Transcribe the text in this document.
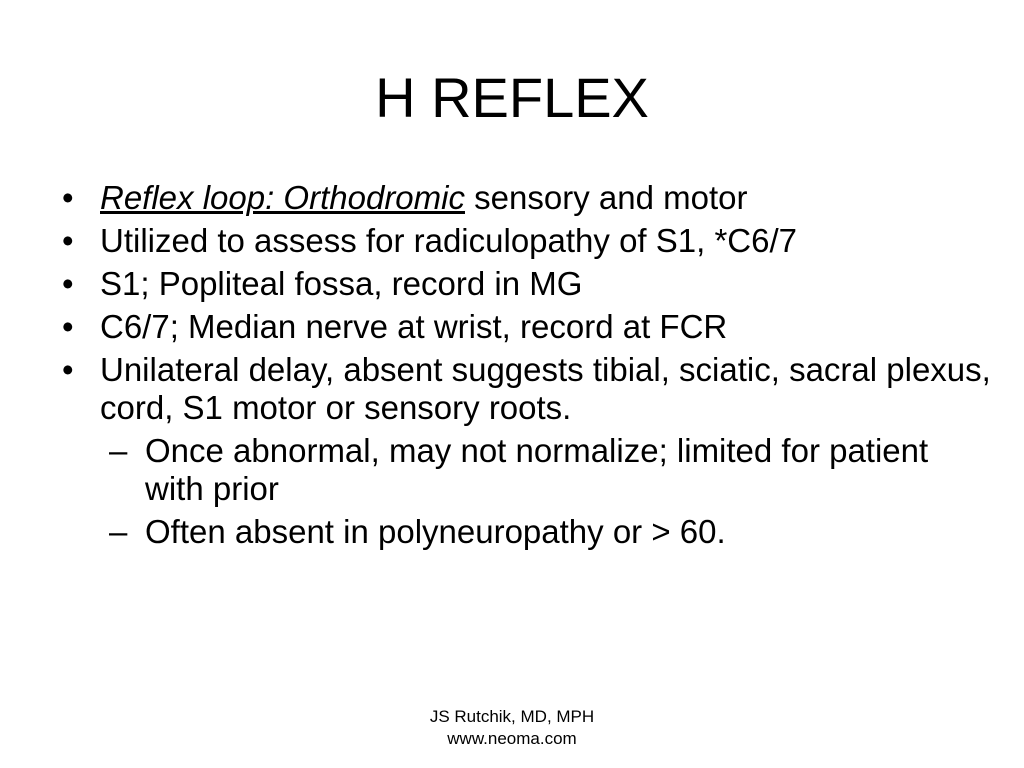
H REFLEX
• Reflex loop: Orthodromic sensory and motor
• Utilized to assess for radiculopathy of S1, *C6/7
• S1; Popliteal fossa, record in MG
• C6/7; Median nerve at wrist, record at FCR
• Unilateral delay, absent suggests tibial, sciatic, sacral plexus, cord, S1 motor or sensory roots.
– Once abnormal, may not normalize; limited for patient with prior
– Often absent in polyneuropathy or > 60.
JS Rutchik, MD, MPH
www.neoma.com
